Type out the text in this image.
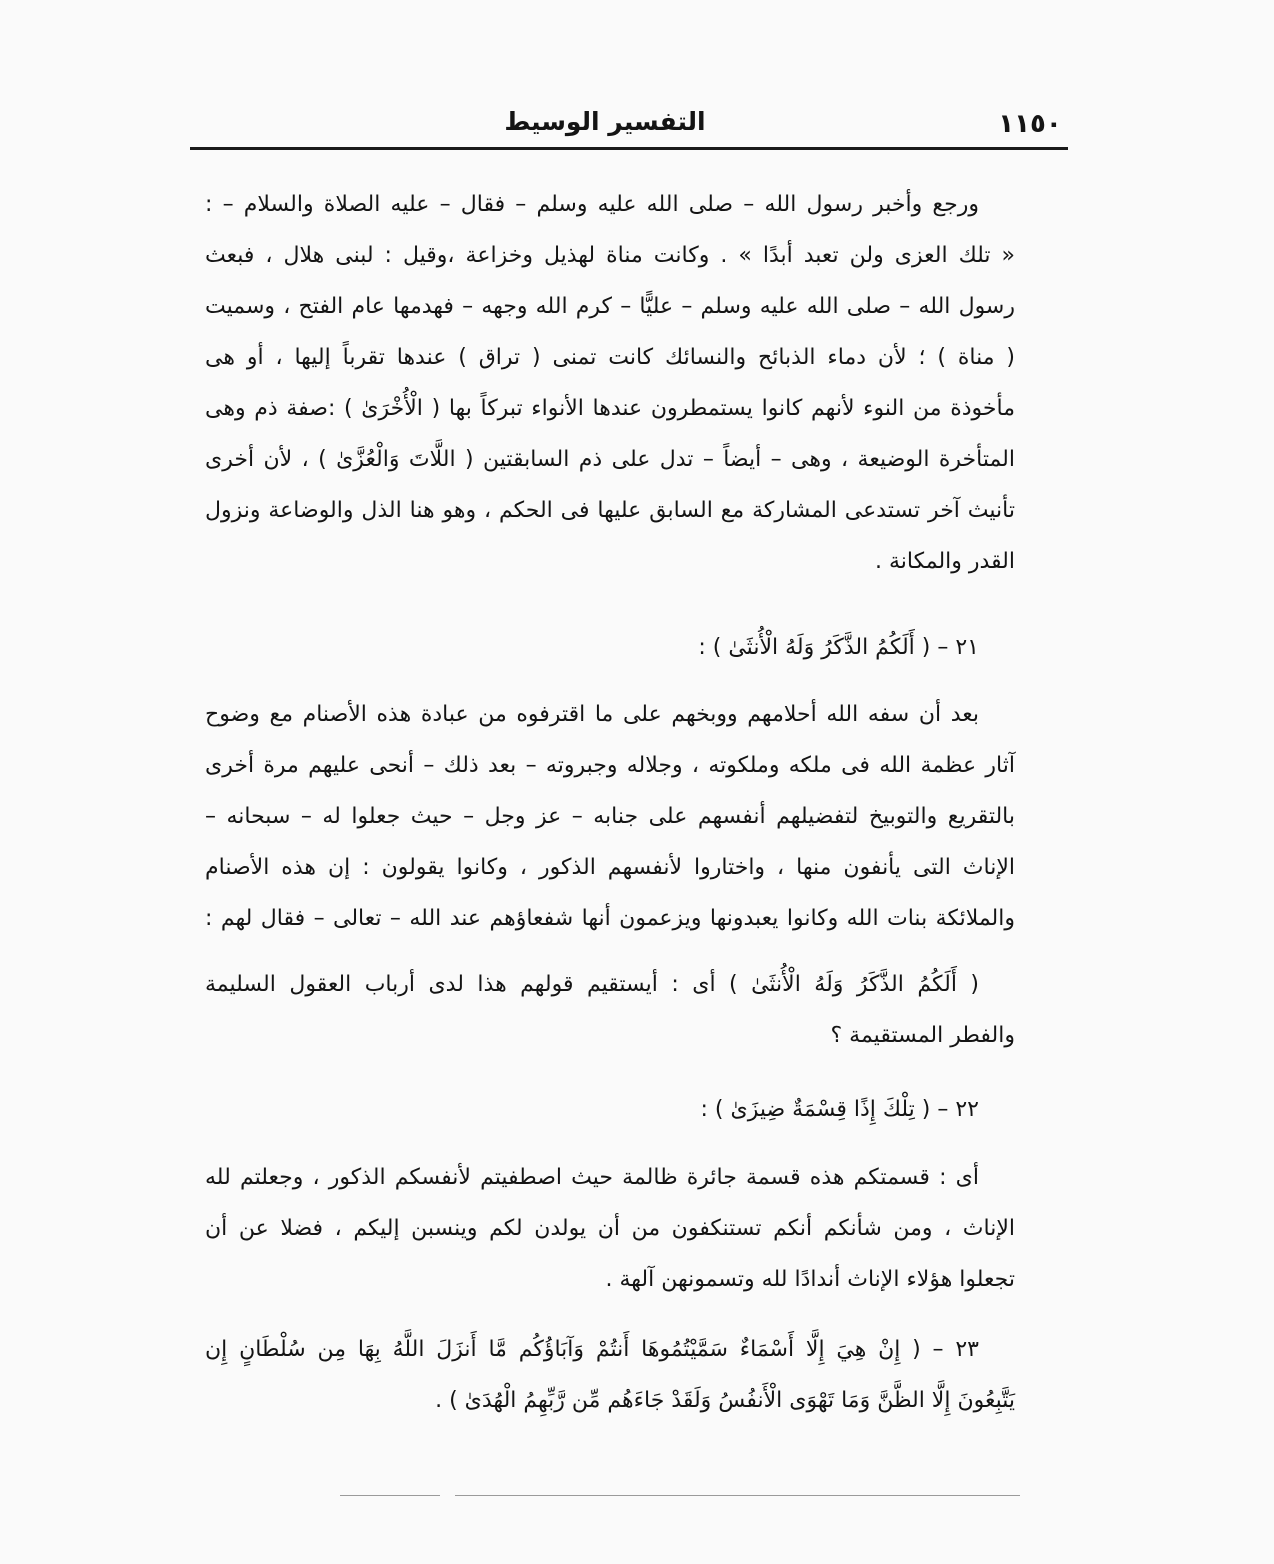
١١٥٠
التفسير الوسيط
ورجع وأخبر رسول الله – صلى الله عليه وسلم – فقال – عليه الصلاة والسلام – :
« تلك العزى ولن تعبد أبدًا » . وكانت مناة لهذيل وخزاعة ،وقيل : لبنى هلال ، فبعث
رسول الله – صلى الله عليه وسلم – عليًّا – كرم الله وجهه – فهدمها عام الفتح ، وسميت
( مناة ) ؛ لأن دماء الذبائح والنسائك كانت تمنى ( تراق ) عندها تقرباً إليها ، أو هى
مأخوذة من النوء لأنهم كانوا يستمطرون عندها الأنواء تبركاً بها ( الْأُخْرَىٰ ) :صفة ذم وهى
المتأخرة الوضيعة ، وهى – أيضاً – تدل على ذم السابقتين ( اللَّاتَ وَالْعُزَّىٰ ) ، لأن أخرى
تأنيث آخر تستدعى المشاركة مع السابق عليها فى الحكم ، وهو هنا الذل والوضاعة ونزول
القدر والمكانة .
٢١ – ( أَلَكُمُ الذَّكَرُ وَلَهُ الْأُنثَىٰ ) :
بعد أن سفه الله أحلامهم ووبخهم على ما اقترفوه من عبادة هذه الأصنام مع وضوح
آثار عظمة الله فى ملكه وملكوته ، وجلاله وجبروته – بعد ذلك – أنحى عليهم مرة أخرى
بالتقريع والتوبيخ لتفضيلهم أنفسهم على جنابه – عز وجل – حيث جعلوا له – سبحانه –
الإناث التى يأنفون منها ، واختاروا لأنفسهم الذكور ، وكانوا يقولون : إن هذه الأصنام
والملائكة بنات الله وكانوا يعبدونها ويزعمون أنها شفعاؤهم عند الله – تعالى – فقال لهم :
( أَلَكُمُ الذَّكَرُ وَلَهُ الْأُنثَىٰ ) أى : أيستقيم قولهم هذا لدى أرباب العقول السليمة
والفطر المستقيمة ؟
٢٢ – ( تِلْكَ إِذًا قِسْمَةٌ ضِيزَىٰ ) :
أى : قسمتكم هذه قسمة جائرة ظالمة حيث اصطفيتم لأنفسكم الذكور ، وجعلتم لله
الإناث ، ومن شأنكم أنكم تستنكفون من أن يولدن لكم وينسبن إليكم ، فضلا عن أن
تجعلوا هؤلاء الإناث أندادًا لله وتسمونهن آلهة .
٢٣ – ( إِنْ هِيَ إِلَّا أَسْمَاءٌ سَمَّيْتُمُوهَا أَنتُمْ وَآبَاؤُكُم مَّا أَنزَلَ اللَّهُ بِهَا مِن سُلْطَانٍ إِن
يَتَّبِعُونَ إِلَّا الظَّنَّ وَمَا تَهْوَى الْأَنفُسُ وَلَقَدْ جَاءَهُم مِّن رَّبِّهِمُ الْهُدَىٰ ) .
